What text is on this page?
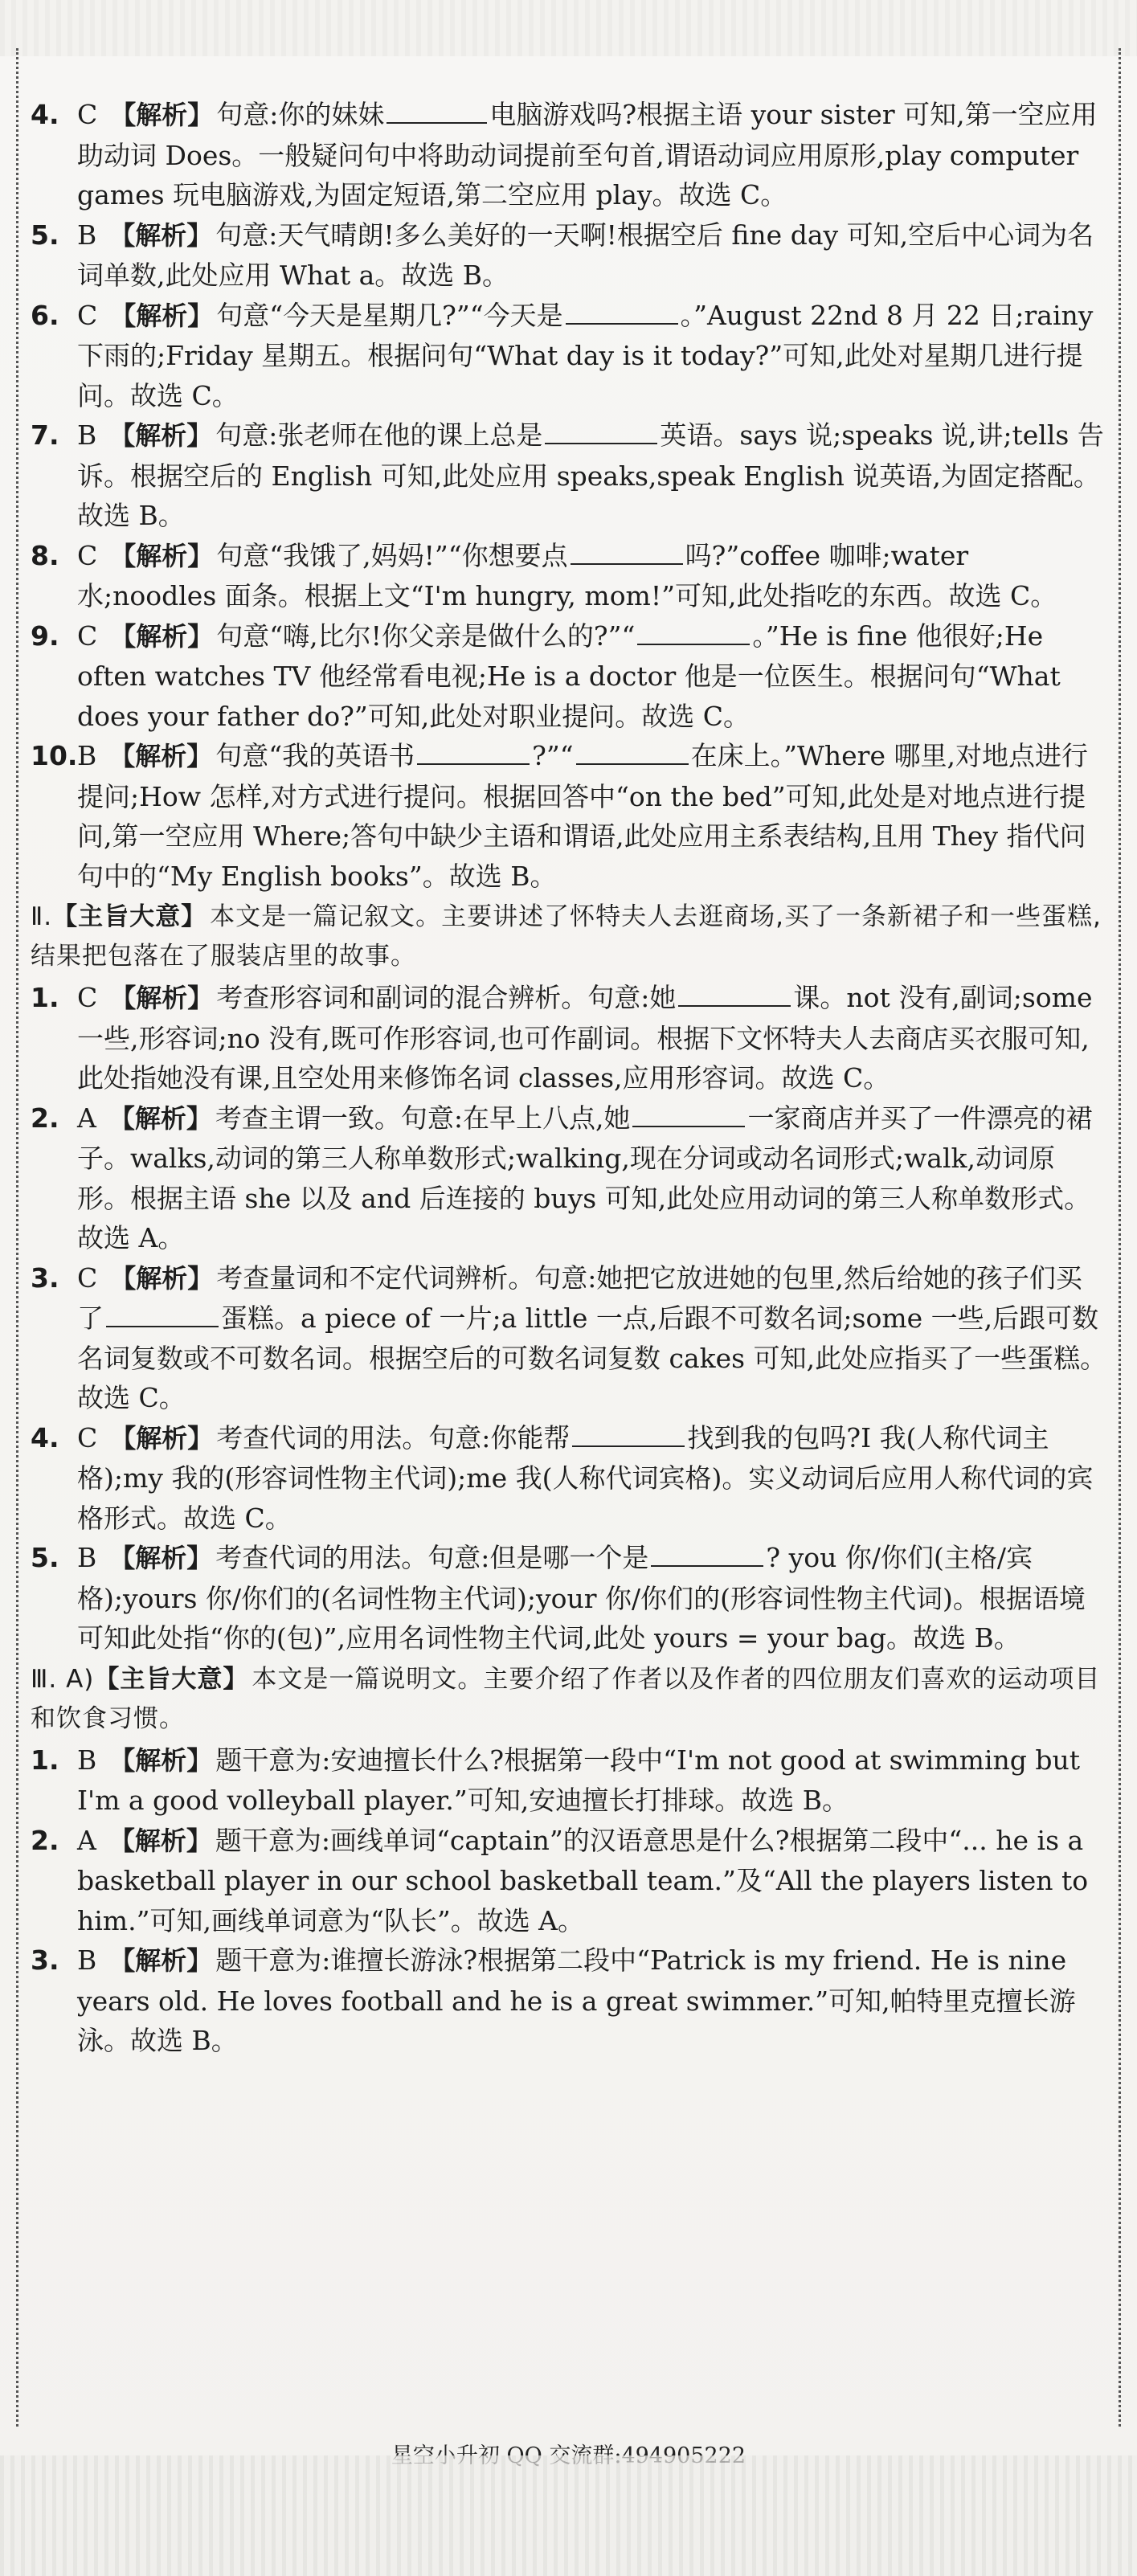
4. C 【解析】 句意:你的妹妹	电脑游戏吗?根据主语 your sister 可知,第一空应用助动词 Does。一般疑问句中将助动词提前至句首,谓语动词应用原形,play computer games 玩电脑游戏,为固定短语,第二空应用 play。故选 C。

5. B 【解析】 句意:天气晴朗!多么美好的一天啊!根据空后 fine day 可知,空后中心词为名词单数,此处应用 What a。故选 B。

6. C 【解析】 句意“今天是星期几?”“今天是	。”August 22nd 8 月 22 日;rainy 下雨的;Friday 星期五。根据问句“What day is it today?”可知,此处对星期几进行提问。故选 C。

7. B 【解析】 句意:张老师在他的课上总是	英语。says 说;speaks 说,讲;tells 告诉。根据空后的 English 可知,此处应用 speaks,speak English 说英语,为固定搭配。故选 B。

8. C 【解析】 句意“我饿了,妈妈!”“你想要点	吗?”coffee 咖啡;water 水;noodles 面条。根据上文“I'm hungry, mom!”可知,此处指吃的东西。故选 C。

9. C 【解析】 句意“嗨,比尔!你父亲是做什么的?”“	。”He is fine 他很好;He often watches TV 他经常看电视;He is a doctor 他是一位医生。根据问句“What does your father do?”可知,此处对职业提问。故选 C。

10. B 【解析】 句意“我的英语书	?”“	在床上。”Where 哪里,对地点进行提问;How 怎样,对方式进行提问。根据回答中“on the bed”可知,此处是对地点进行提问,第一空应用 Where;答句中缺少主语和谓语,此处应用主系表结构,且用 They 指代问句中的“My English books”。故选 B。

Ⅱ.【主旨大意】 本文是一篇记叙文。主要讲述了怀特夫人去逛商场,买了一条新裙子和一些蛋糕,结果把包落在了服装店里的故事。

1. C 【解析】 考查形容词和副词的混合辨析。句意:她	课。not 没有,副词;some 一些,形容词;no 没有,既可作形容词,也可作副词。根据下文怀特夫人去商店买衣服可知,此处指她没有课,且空处用来修饰名词 classes,应用形容词。故选 C。

2. A 【解析】 考查主谓一致。句意:在早上八点,她	一家商店并买了一件漂亮的裙子。walks,动词的第三人称单数形式;walking,现在分词或动名词形式;walk,动词原形。根据主语 she 以及 and 后连接的 buys 可知,此处应用动词的第三人称单数形式。故选 A。

3. C 【解析】 考查量词和不定代词辨析。句意:她把它放进她的包里,然后给她的孩子们买了	蛋糕。a piece of 一片;a little 一点,后跟不可数名词;some 一些,后跟可数名词复数或不可数名词。根据空后的可数名词复数 cakes 可知,此处应指买了一些蛋糕。故选 C。

4. C 【解析】 考查代词的用法。句意:你能帮	找到我的包吗?I 我(人称代词主格);my 我的(形容词性物主代词);me 我(人称代词宾格)。实义动词后应用人称代词的宾格形式。故选 C。

5. B 【解析】 考查代词的用法。句意:但是哪一个是	? you 你/你们(主格/宾格);yours 你/你们的(名词性物主代词);your 你/你们的(形容词性物主代词)。根据语境可知此处指“你的(包)”,应用名词性物主代词,此处 yours = your bag。故选 B。

Ⅲ. A)【主旨大意】 本文是一篇说明文。主要介绍了作者以及作者的四位朋友们喜欢的运动项目和饮食习惯。

1. B 【解析】 题干意为:安迪擅长什么?根据第一段中“I'm not good at swimming but I'm a good volleyball player.”可知,安迪擅长打排球。故选 B。

2. A 【解析】 题干意为:画线单词“captain”的汉语意思是什么?根据第二段中“... he is a basketball player in our school basketball team.”及“All the players listen to him.”可知,画线单词意为“队长”。故选 A。

3. B 【解析】 题干意为:谁擅长游泳?根据第二段中“Patrick is my friend. He is nine years old. He loves football and he is a great swimmer.”可知,帕特里克擅长游泳。故选 B。
